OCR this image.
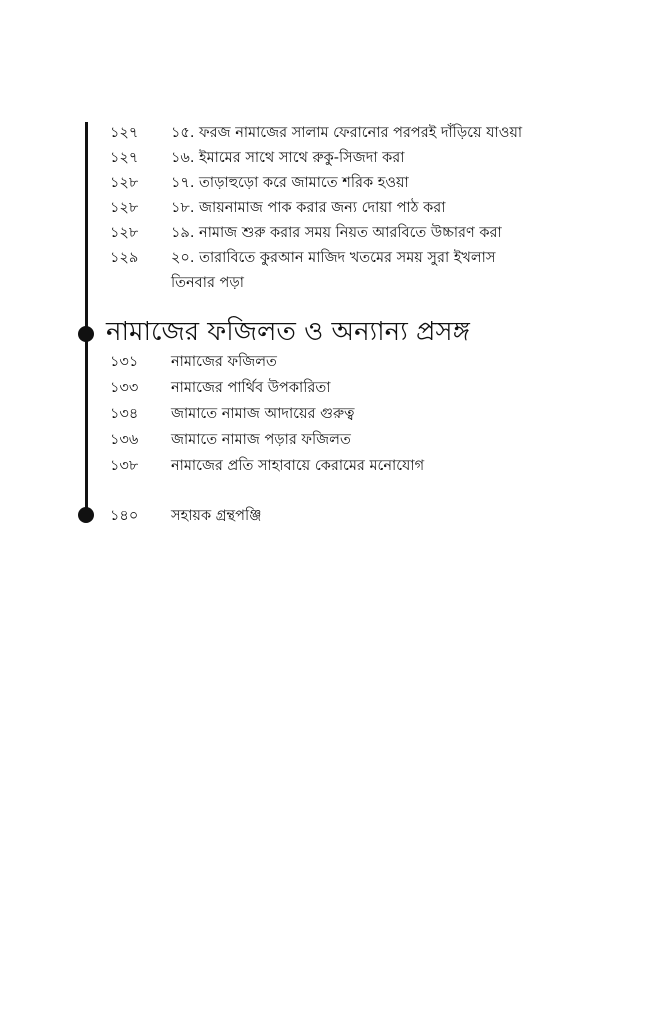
১২৭ ১৫. ফরজ নামাজের সালাম ফেরানোর পরপরই দাঁড়িয়ে যাওয়া
১২৭ ১৬. ইমামের সাথে সাথে রুকু-সিজদা করা
১২৮ ১৭. তাড়াহুড়ো করে জামাতে শরিক হওয়া
১২৮ ১৮. জায়নামাজ পাক করার জন্য দোয়া পাঠ করা
১২৮ ১৯. নামাজ শুরু করার সময় নিয়ত আরবিতে উচ্চারণ করা
১২৯ ২০. তারাবিতে কুরআন মাজিদ খতমের সময় সুরা ইখলাস
তিনবার পড়া
নামাজের ফজিলত ও অন্যান্য প্রসঙ্গ
১৩১ নামাজের ফজিলত
১৩৩ নামাজের পার্থিব উপকারিতা
১৩৪ জামাতে নামাজ আদায়ের গুরুত্ব
১৩৬ জামাতে নামাজ পড়ার ফজিলত
১৩৮ নামাজের প্রতি সাহাবায়ে কেরামের মনোযোগ
১৪০ সহায়ক গ্রন্থপঞ্জি
